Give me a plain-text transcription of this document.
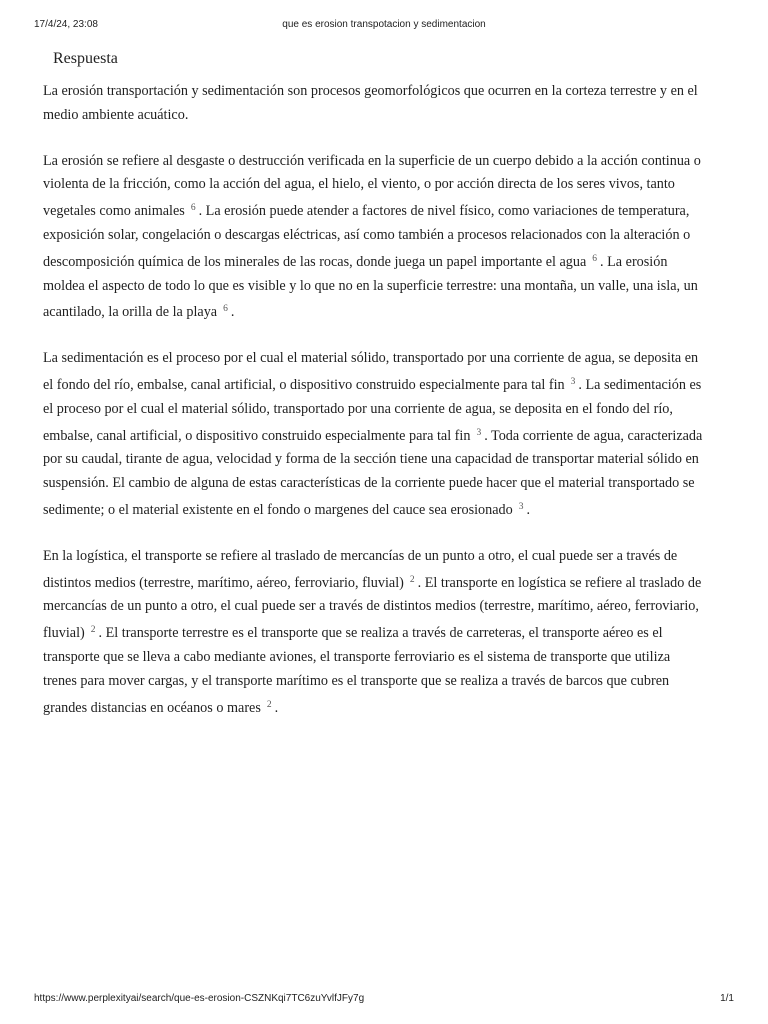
17/4/24, 23:08	que es erosion transpotacion y sedimentacion
Respuesta

La erosión transportación y sedimentación son procesos geomorfológicos que ocurren en la corteza terrestre y en el medio ambiente acuático.

La erosión se refiere al desgaste o destrucción verificada en la superficie de un cuerpo debido a la acción continua o violenta de la fricción, como la acción del agua, el hielo, el viento, o por acción directa de los seres vivos, tanto vegetales como animales $^6$ . La erosión puede atender a factores de nivel físico, como variaciones de temperatura, exposición solar, congelación o descargas eléctricas, así como también a procesos relacionados con la alteración o descomposición química de los minerales de las rocas, donde juega un papel importante el agua $^6$ . La erosión moldea el aspecto de todo lo que es visible y lo que no en la superficie terrestre: una montaña, un valle, una isla, un acantilado, la orilla de la playa $^6$ .

La sedimentación es el proceso por el cual el material sólido, transportado por una corriente de agua, se deposita en el fondo del río, embalse, canal artificial, o dispositivo construido especialmente para tal fin $^3$ . La sedimentación es el proceso por el cual el material sólido, transportado por una corriente de agua, se deposita en el fondo del río, embalse, canal artificial, o dispositivo construido especialmente para tal fin $^3$ . Toda corriente de agua, caracterizada por su caudal, tirante de agua, velocidad y forma de la sección tiene una capacidad de transportar material sólido en suspensión. El cambio de alguna de estas características de la corriente puede hacer que el material transportado se sedimente; o el material existente en el fondo o margenes del cauce sea erosionado $^3$ .

En la logística, el transporte se refiere al traslado de mercancías de un punto a otro, el cual puede ser a través de distintos medios (terrestre, marítimo, aéreo, ferroviario, fluvial) $^2$ . El transporte en logística se refiere al traslado de mercancías de un punto a otro, el cual puede ser a través de distintos medios (terrestre, marítimo, aéreo, ferroviario, fluvial) $^2$ . El transporte terrestre es el transporte que se realiza a través de carreteras, el transporte aéreo es el transporte que se lleva a cabo mediante aviones, el transporte ferroviario es el sistema de transporte que utiliza trenes para mover cargas, y el transporte marítimo es el transporte que se realiza a través de barcos que cubren grandes distancias en océanos o mares $^2$ .

https://www.perplexityai/search/que-es-erosion-CSZNKqi7TC6zuYvlfJFy7g	1/1
